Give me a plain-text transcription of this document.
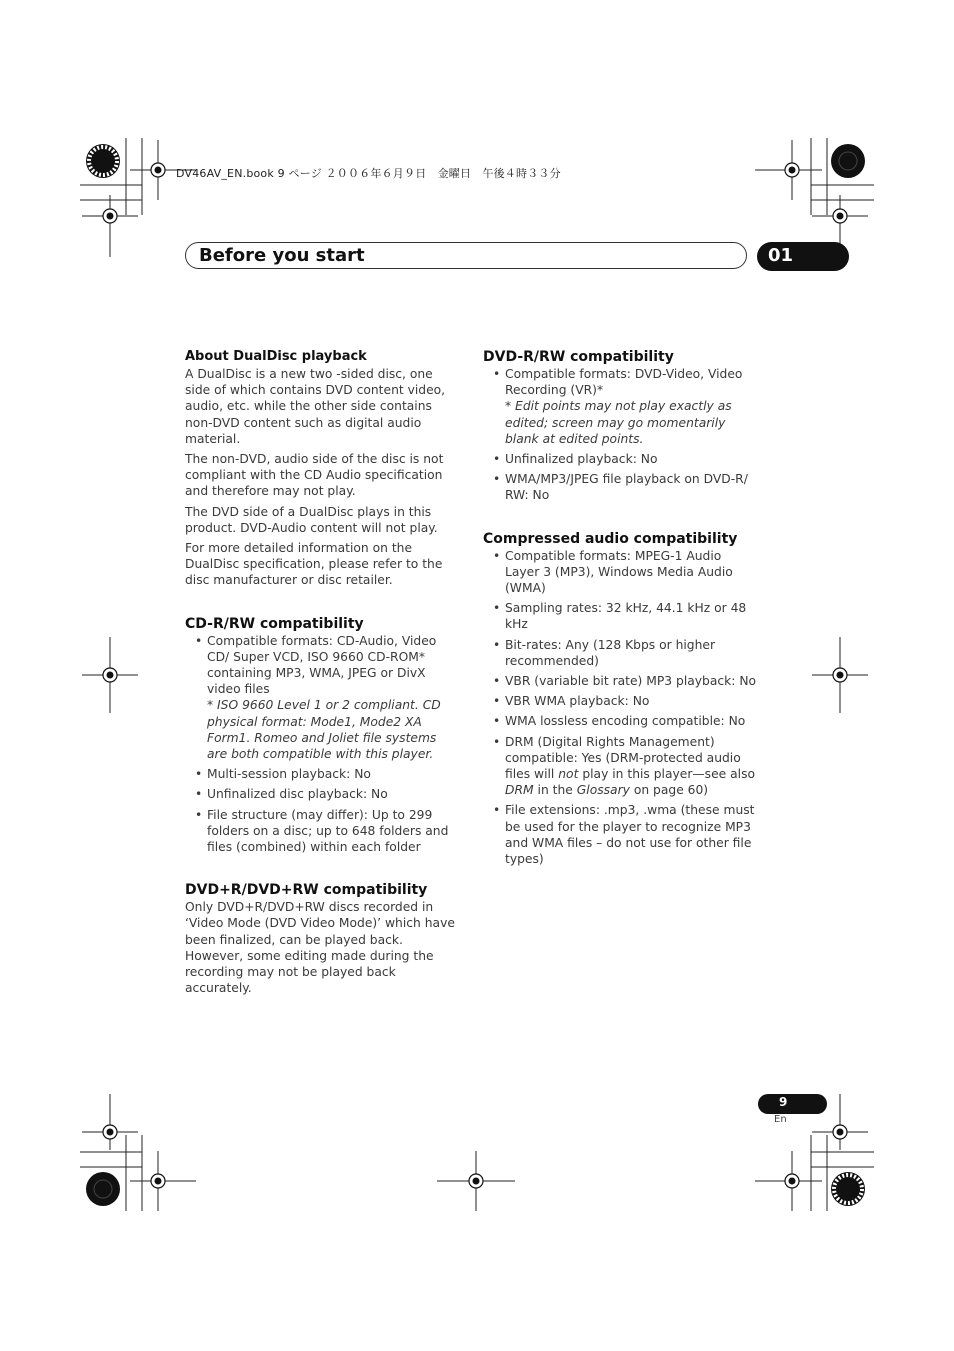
DV46AV_EN.book 9 ページ ２００６年６月９日　金曜日　午後４時３３分
Before you start	01
About DualDisc playback

A DualDisc is a new two -sided disc, one side of which contains DVD content video, audio, etc. while the other side contains non-DVD content such as digital audio material.

The non-DVD, audio side of the disc is not compliant with the CD Audio specification and therefore may not play.

The DVD side of a DualDisc plays in this product. DVD-Audio content will not play.

For more detailed information on the DualDisc specification, please refer to the disc manufacturer or disc retailer.

CD-R/RW compatibility
• Compatible formats: CD-Audio, Video CD/ Super VCD, ISO 9660 CD-ROM* containing MP3, WMA, JPEG or DivX video files
* ISO 9660 Level 1 or 2 compliant. CD physical format: Mode1, Mode2 XA Form1. Romeo and Joliet file systems are both compatible with this player.
• Multi-session playback: No
• Unfinalized disc playback: No
• File structure (may differ): Up to 299 folders on a disc; up to 648 folders and files (combined) within each folder
DVD+R/DVD+RW compatibility

Only DVD+R/DVD+RW discs recorded in ‘Video Mode (DVD Video Mode)’ which have been finalized, can be played back. However, some editing made during the recording may not be played back accurately.

DVD-R/RW compatibility
• Compatible formats: DVD-Video, Video Recording (VR)*
* Edit points may not play exactly as edited; screen may go momentarily blank at edited points.
• Unfinalized playback: No
• WMA/MP3/JPEG file playback on DVD-R/ RW: No
Compressed audio compatibility
• Compatible formats: MPEG-1 Audio Layer 3 (MP3), Windows Media Audio (WMA)
• Sampling rates: 32 kHz, 44.1 kHz or 48 kHz
• Bit-rates: Any (128 Kbps or higher recommended)
• VBR (variable bit rate) MP3 playback: No
• VBR WMA playback: No
• WMA lossless encoding compatible: No
• DRM (Digital Rights Management) compatible: Yes (DRM-protected audio files will not play in this player—see also DRM in the Glossary on page 60)
• File extensions: .mp3, .wma (these must be used for the player to recognize MP3 and WMA files – do not use for other file types)
9
En
